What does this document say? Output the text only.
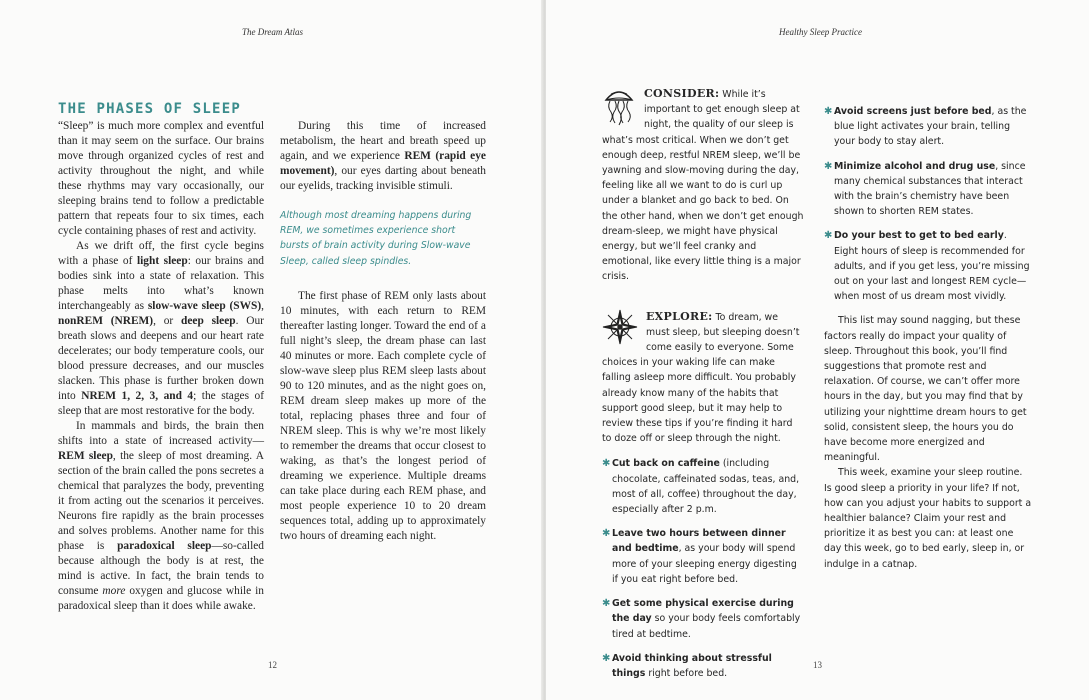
The Dream Atlas
THE PHASES OF SLEEP

“Sleep” is much more complex and eventful than it may seem on the surface. Our brains move through organized cycles of rest and activity throughout the night, and while these rhythms may vary occasionally, our sleeping brains tend to follow a predictable pattern that repeats four to six times, each cycle containing phases of rest and activity.

As we drift off, the first cycle begins with a phase of light sleep: our brains and bodies sink into a state of relaxation. This phase melts into what’s known interchangeably as slow-wave sleep (SWS), nonREM (NREM), or deep sleep. Our breath slows and deepens and our heart rate decelerates; our body temperature cools, our blood pressure decreases, and our muscles slacken. This phase is further broken down into NREM 1, 2, 3, and 4; the stages of sleep that are most restorative for the body.

In mammals and birds, the brain then shifts into a state of increased activity—REM sleep, the sleep of most dreaming. A section of the brain called the pons secretes a chemical that paralyzes the body, preventing it from acting out the scenarios it perceives. Neurons fire rapidly as the brain processes and solves problems. Another name for this phase is paradoxical sleep—so-called because although the body is at rest, the mind is active. In fact, the brain tends to consume more oxygen and glucose while in paradoxical sleep than it does while awake.

During this time of increased metabolism, the heart and breath speed up again, and we experience REM (rapid eye movement), our eyes darting about beneath our eyelids, tracking invisible stimuli.

Although most dreaming happens during REM, we sometimes experience short bursts of brain activity during Slow-wave Sleep, called sleep spindles.

The first phase of REM only lasts about 10 minutes, with each return to REM thereafter lasting longer. Toward the end of a full night’s sleep, the dream phase can last 40 minutes or more. Each complete cycle of slow-wave sleep plus REM sleep lasts about 90 to 120 minutes, and as the night goes on, REM dream sleep makes up more of the total, replacing phases three and four of NREM sleep. This is why we’re most likely to remember the dreams that occur closest to waking, as that’s the longest period of dreaming we experience. Multiple dreams can take place during each REM phase, and most people experience 10 to 20 dream sequences total, adding up to approximately two hours of dreaming each night.

12
Healthy Sleep Practice

CONSIDER: While it’s important to get enough sleep at night, the quality of our sleep is what’s most critical. When we don’t get enough deep, restful NREM sleep, we’ll be yawning and slow-moving during the day, feeling like all we want to do is curl up under a blanket and go back to bed. On the other hand, when we don’t get enough dream-sleep, we might have physical energy, but we’ll feel cranky and emotional, like every little thing is a major crisis.

EXPLORE: To dream, we must sleep, but sleeping doesn’t come easily to everyone. Some choices in your waking life can make falling asleep more difficult. You probably already know many of the habits that support good sleep, but it may help to review these tips if you’re finding it hard to doze off or sleep through the night.

✱ Cut back on caffeine (including chocolate, caffeinated sodas, teas, and, most of all, coffee) throughout the day, especially after 2 p.m.
✱ Leave two hours between dinner and bedtime, as your body will spend more of your sleeping energy digesting if you eat right before bed.
✱ Get some physical exercise during the day so your body feels comfortably tired at bedtime.
✱ Avoid thinking about stressful things right before bed.
✱ Avoid screens just before bed, as the blue light activates your brain, telling your body to stay alert.
✱ Minimize alcohol and drug use, since many chemical substances that interact with the brain’s chemistry have been shown to shorten REM states.
✱ Do your best to get to bed early. Eight hours of sleep is recommended for adults, and if you get less, you’re missing out on your last and longest REM cycle—when most of us dream most vividly.

This list may sound nagging, but these factors really do impact your quality of sleep. Throughout this book, you’ll find suggestions that promote rest and relaxation. Of course, we can’t offer more hours in the day, but you may find that by utilizing your nighttime dream hours to get solid, consistent sleep, the hours you do have become more energized and meaningful.

This week, examine your sleep routine. Is good sleep a priority in your life? If not, how can you adjust your habits to support a healthier balance? Claim your rest and prioritize it as best you can: at least one day this week, go to bed early, sleep in, or indulge in a catnap.

13
